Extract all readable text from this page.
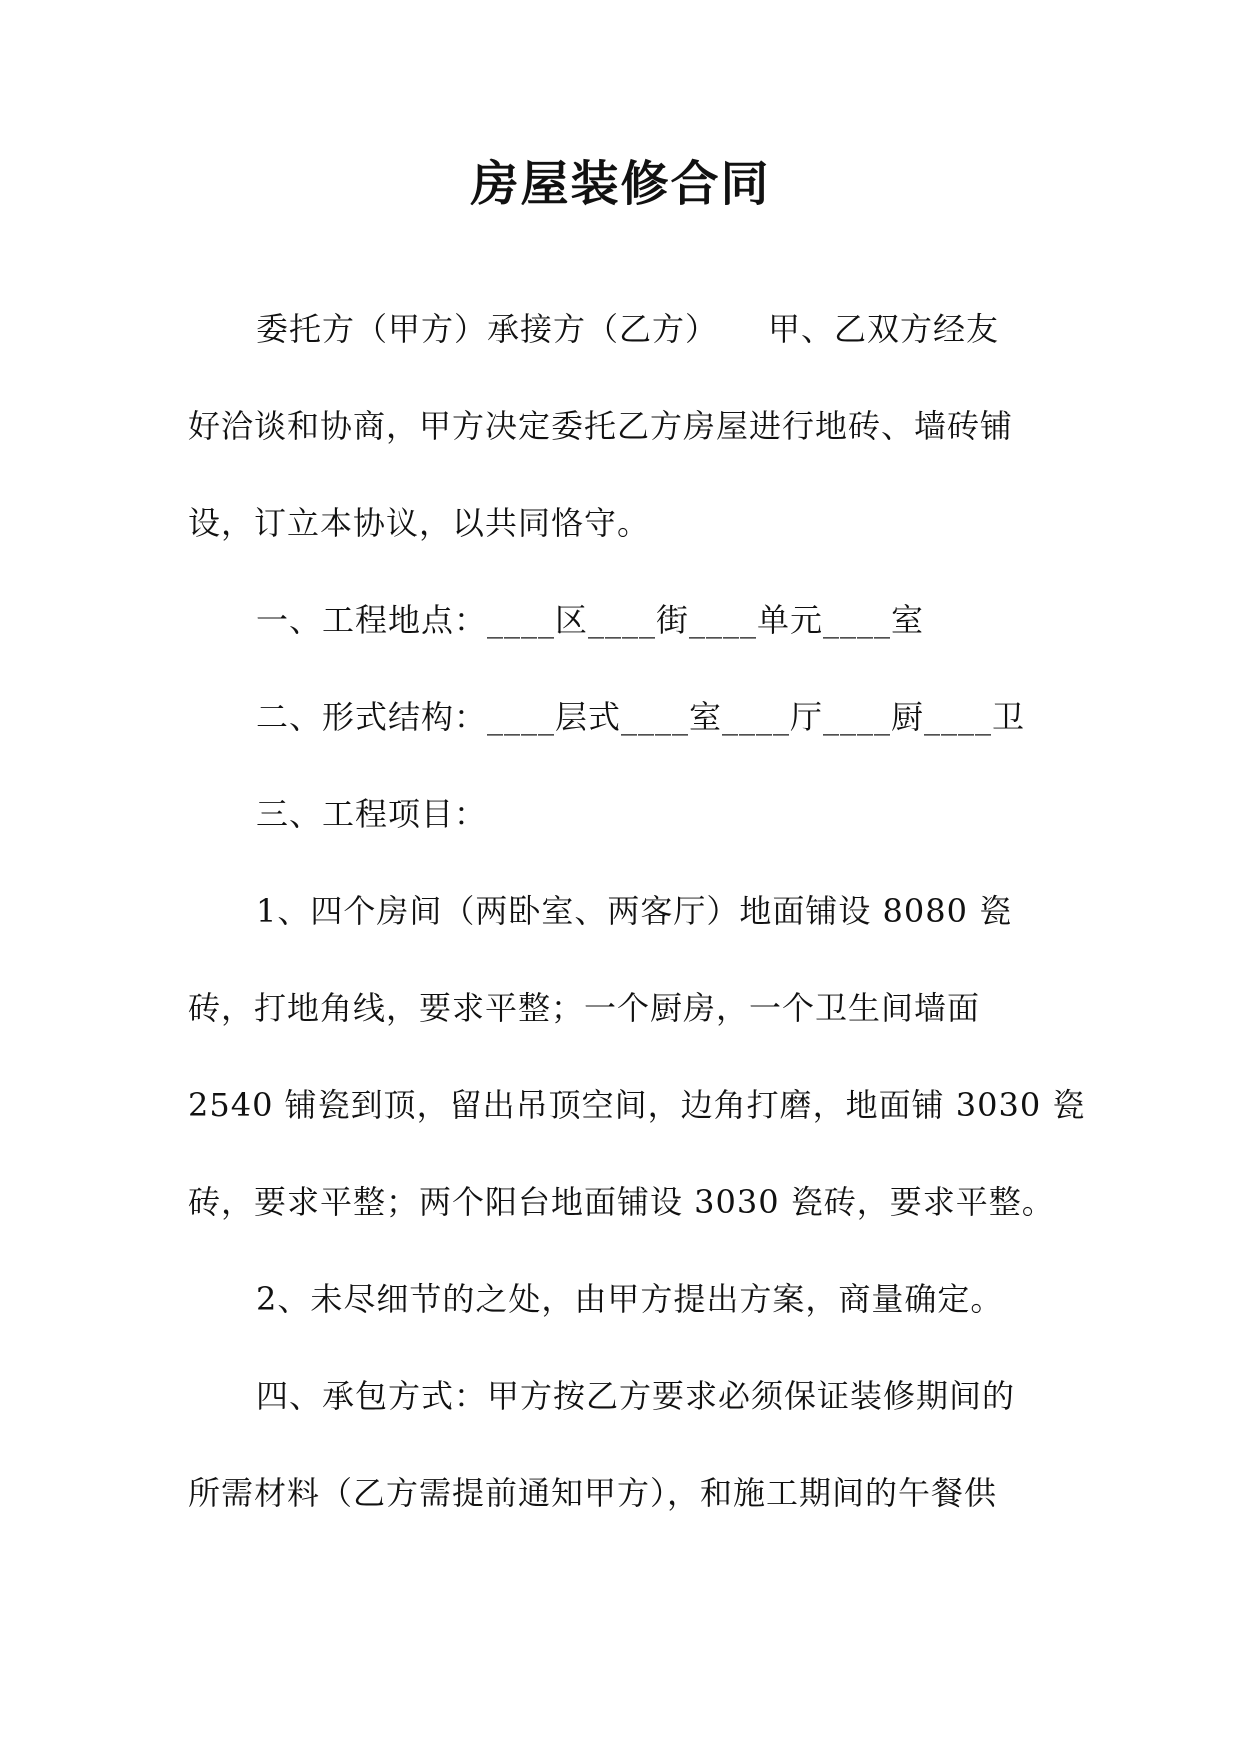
房屋装修合同
委托方（甲方）承接方（乙方）　　甲、乙双方经友
好洽谈和协商，甲方决定委托乙方房屋进行地砖、墙砖铺
设，订立本协议，以共同恪守。
一、工程地点：____区____街____单元____室
二、形式结构：____层式____室____厅____厨____卫
三、工程项目：
1、四个房间（两卧室、两客厅）地面铺设 8080 瓷
砖，打地角线，要求平整；一个厨房，一个卫生间墙面
2540 铺瓷到顶，留出吊顶空间，边角打磨，地面铺 3030 瓷
砖，要求平整；两个阳台地面铺设 3030 瓷砖，要求平整。
2、未尽细节的之处，由甲方提出方案，商量确定。
四、承包方式：甲方按乙方要求必须保证装修期间的
所需材料（乙方需提前通知甲方），和施工期间的午餐供
